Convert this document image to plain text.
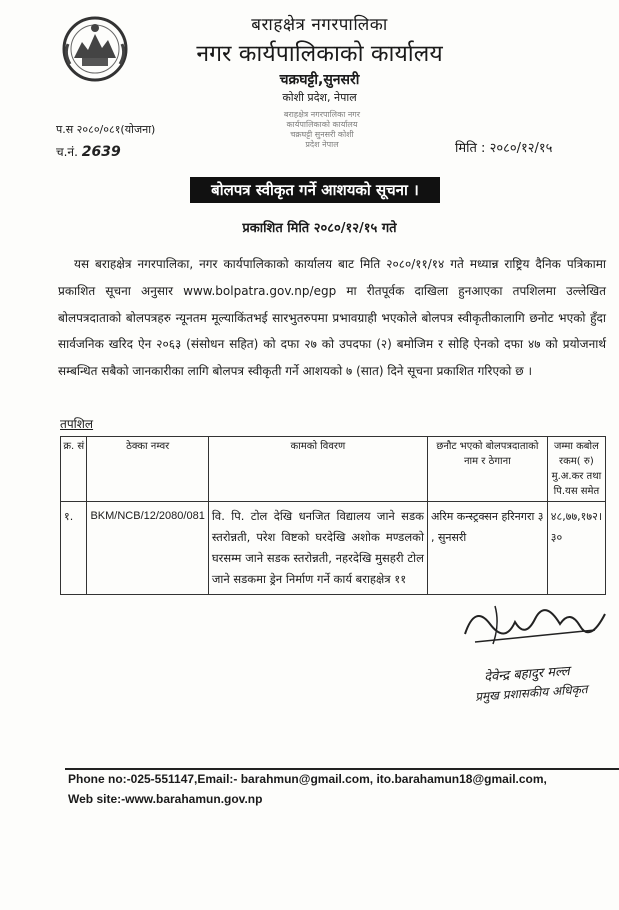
बराहक्षेत्र नगरपालिका
नगर कार्यपालिकाको कार्यालय
चक्रघट्टी,सुनसरी
कोशी प्रदेश, नेपाल
बराहक्षेत्र नगरपालिका नगर कार्यपालिकाको कार्यालय चक्रघट्टी सुनसरी कोशी प्रदेश नेपाल
प.स २०८०/०८१(योजना)
च.नं. 2639	मिति : २०८०/१२/१५
बोलपत्र स्वीकृत गर्ने आशयको सूचना ।
प्रकाशित मिति २०८०/१२/१५ गते

यस बराहक्षेत्र नगरपालिका, नगर कार्यपालिकाको कार्यालय बाट मिति २०८०/११/१४ गते मध्यान्न राष्ट्रिय दैनिक पत्रिकामा प्रकाशित सूचना अनुसार www.bolpatra.gov.np/egp मा रीतपूर्वक दाखिला हुनआएका तपशिलमा उल्लेखित बोलपत्रदाताको बोलपत्रहरु न्यूनतम मूल्याकिंतभई सारभुतरुपमा प्रभावग्राही भएकोले बोलपत्र स्वीकृतीकालागि छनोट भएको हुँदा सार्वजनिक खरिद ऐन २०६३ (संसोधन सहित) को दफा २७ को उपदफा (२) बमोजिम र सोहि ऐनको दफा ४७ को प्रयोजनार्थ सम्बन्धित सबैको जानकारीका लागि बोलपत्र स्वीकृती गर्ने आशयको ७ (सात) दिने सूचना प्रकाशित गरिएको छ ।

तपशिल
क्र. सं	ठेक्का नम्वर	कामको विवरण	छनौट भएको बोलपत्रदाताको नाम र ठेगाना	जम्मा कबोल रकम( रु) मु.अ.कर तथा पि.यस समेत
१.	BKM/NCB/12/2080/081	वि. पि. टोल देखि धनजित विद्यालय जाने सडक स्तरोन्नती, परेश विष्टको घरदेखि अशोक मण्डलको घरसम्म जाने सडक स्तरोन्नती, नहरदेखि मुसहरी टोल जाने सडकमा ड्रेन निर्माण गर्ने कार्य बराहक्षेत्र ११	अरिम कन्स्ट्रक्सन हरिनगरा ३ , सुनसरी	४८,७७,१७२।३०
देवेन्द्र बहादुर मल्ल
प्रमुख प्रशासकीय अधिकृत
Phone no:-025-551147,Email:- barahmun@gmail.com, ito.barahamun18@gmail.com,
Web site:-www.barahamun.gov.np
